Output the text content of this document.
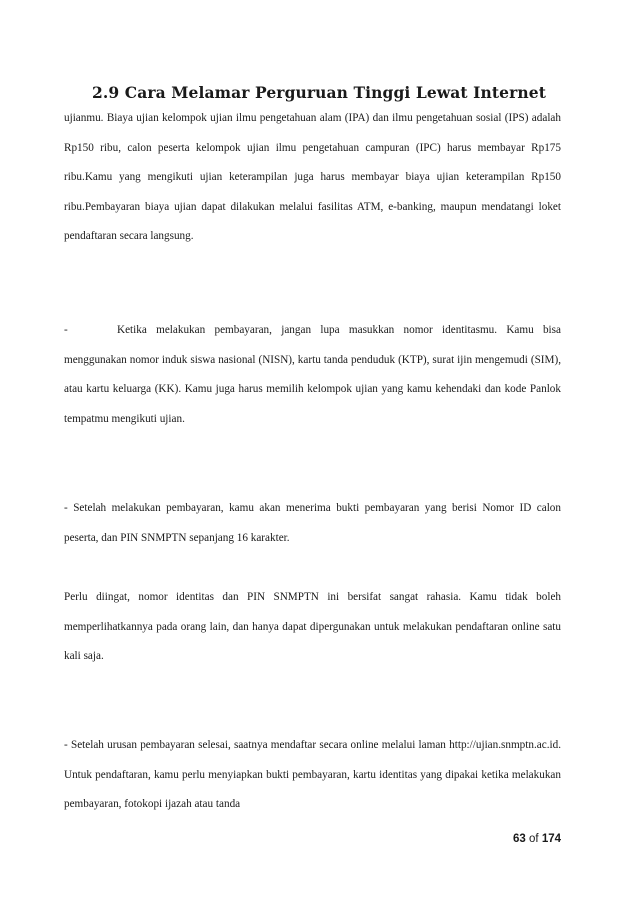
2.9 Cara Melamar Perguruan Tinggi Lewat Internet

ujianmu. Biaya ujian kelompok ujian ilmu pengetahuan alam (IPA) dan ilmu pengetahuan sosial (IPS) adalah Rp150 ribu, calon peserta kelompok ujian ilmu pengetahuan campuran (IPC) harus membayar Rp175 ribu.Kamu yang mengikuti ujian keterampilan juga harus membayar biaya ujian keterampilan Rp150 ribu.Pembayaran biaya ujian dapat dilakukan melalui fasilitas ATM, e-banking, maupun mendatangi loket pendaftaran secara langsung.

-	Ketika melakukan pembayaran, jangan lupa masukkan nomor identitasmu. Kamu bisa menggunakan nomor induk siswa nasional (NISN), kartu tanda penduduk (KTP), surat ijin mengemudi (SIM), atau kartu keluarga (KK). Kamu juga harus memilih kelompok ujian yang kamu kehendaki dan kode Panlok tempatmu mengikuti ujian.

- Setelah melakukan pembayaran, kamu akan menerima bukti pembayaran yang berisi Nomor ID calon peserta, dan PIN SNMPTN sepanjang 16 karakter.

Perlu diingat, nomor identitas dan PIN SNMPTN ini bersifat sangat rahasia. Kamu tidak boleh memperlihatkannya pada orang lain, dan hanya dapat dipergunakan untuk melakukan pendaftaran online satu kali saja.

- Setelah urusan pembayaran selesai, saatnya mendaftar secara online melalui laman http://ujian.snmptn.ac.id. Untuk pendaftaran, kamu perlu menyiapkan bukti pembayaran, kartu identitas yang dipakai ketika melakukan pembayaran, fotokopi ijazah atau tanda

63 of 174
